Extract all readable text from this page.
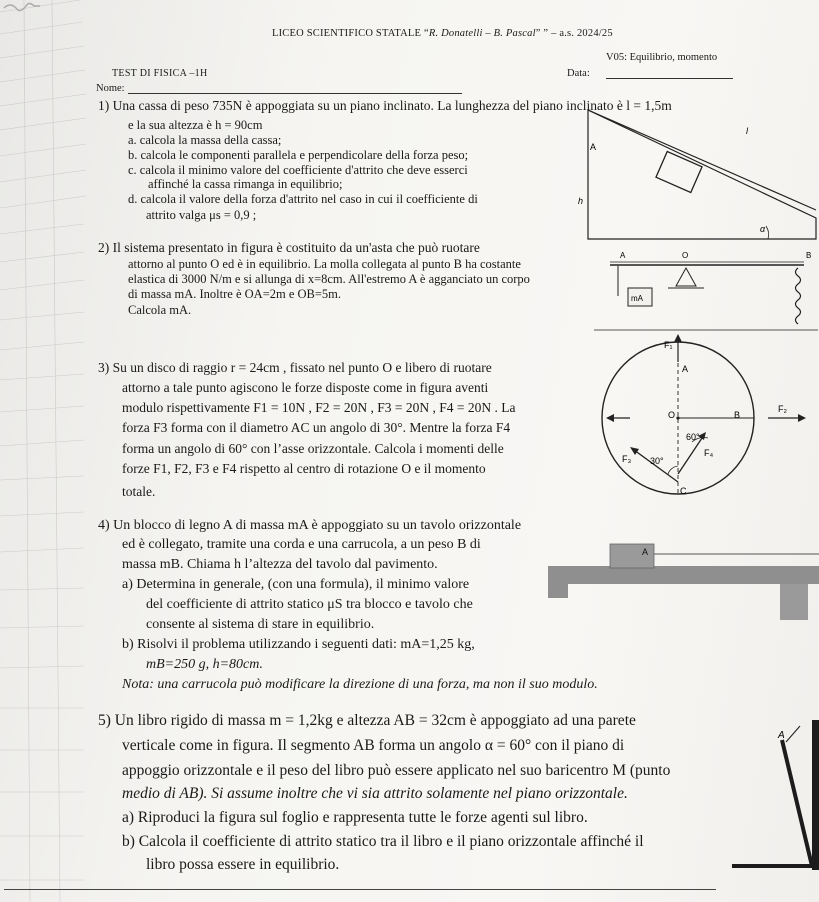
LICEO SCIENTIFICO STATALE “R. Donatelli – B. Pascal” ” – a.s. 2024/25
V05: Equilibrio, momento
TEST DI FISICA –1H
Nome:
Data:
1) Una cassa di peso 735N è appoggiata su un piano inclinato. La lunghezza del piano inclinato è l = 1,5m
e la sua altezza è h = 90cm
a. calcola la massa della cassa;
b. calcola le componenti parallela e perpendicolare della forza peso;
c. calcola il minimo valore del coefficiente d'attrito che deve esserci
affinché la cassa rimanga in equilibrio;
d. calcola il valore della forza d'attrito nel caso in cui il coefficiente di
attrito valga μs = 0,9 ;
A
l
h
α
2) Il sistema presentato in figura è costituito da un'asta che può ruotare
attorno al punto O ed è in equilibrio. La molla collegata al punto B ha costante
elastica di 3000 N/m e si allunga di x=8cm. All'estremo A è agganciato un corpo
di massa mA. Inoltre è OA=2m e OB=5m.
Calcola mA.
mA
A	O	B
3) Su un disco di raggio r = 24cm , fissato nel punto O e libero di ruotare
attorno a tale punto agiscono le forze disposte come in figura aventi
modulo rispettivamente F1 = 10N , F2 = 20N , F3 = 20N , F4 = 20N . La
forza F3 forma con il diametro AC un angolo di 30°. Mentre la forza F4
forma un angolo di 60° con l’asse orizzontale. Calcola i momenti delle
forze F1, F2, F3 e F4 rispetto al centro di rotazione O e il momento
totale.
F₁
A
O	B
F₂
60°
F₃ 30°
F₄
C
4) Un blocco di legno A di massa mA è appoggiato su un tavolo orizzontale
ed è collegato, tramite una corda e una carrucola, a un peso B di
massa mB. Chiama h l’altezza del tavolo dal pavimento.
a) Determina in generale, (con una formula), il minimo valore
del coefficiente di attrito statico μS tra blocco e tavolo che
consente al sistema di stare in equilibrio.
b) Risolvi il problema utilizzando i seguenti dati: mA=1,25 kg,
mB=250 g, h=80cm.
Nota: una carrucola può modificare la direzione di una forza, ma non il suo modulo.
A
5) Un libro rigido di massa m = 1,2kg e altezza AB = 32cm è appoggiato ad una parete
verticale come in figura. Il segmento AB forma un angolo α = 60° con il piano di
appoggio orizzontale e il peso del libro può essere applicato nel suo baricentro M (punto
medio di AB). Si assume inoltre che vi sia attrito solamente nel piano orizzontale.
a) Riproduci la figura sul foglio e rappresenta tutte le forze agenti sul libro.
b) Calcola il coefficiente di attrito statico tra il libro e il piano orizzontale affinché il
libro possa essere in equilibrio.
A
